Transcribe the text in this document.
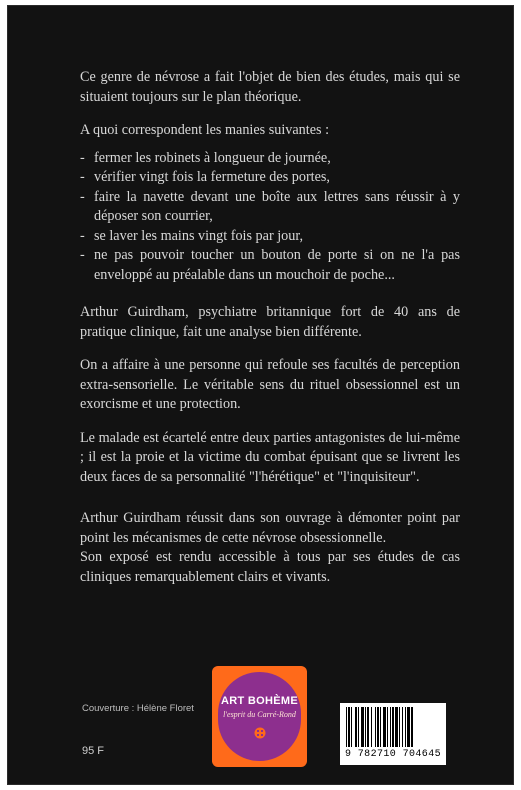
Ce genre de névrose a fait l'objet de bien des études, mais qui se situaient toujours sur le plan théorique.

A quoi correspondent les manies suivantes :

- fermer les robinets à longueur de journée,
- vérifier vingt fois la fermeture des portes,
- faire la navette devant une boîte aux lettres sans réussir à y déposer son courrier,
- se laver les mains vingt fois par jour,
- ne pas pouvoir toucher un bouton de porte si on ne l'a pas enveloppé au préalable dans un mouchoir de poche...

Arthur Guirdham, psychiatre britannique fort de 40 ans de pratique clinique, fait une analyse bien différente.

On a affaire à une personne qui refoule ses facultés de perception extra-sensorielle. Le véritable sens du rituel obsessionnel est un exorcisme et une protection.

Le malade est écartelé entre deux parties antagonistes de lui-même ; il est la proie et la victime du combat épuisant que se livrent les deux faces de sa personnalité "l'hérétique" et "l'inquisiteur".

Arthur Guirdham réussit dans son ouvrage à démonter point par point les mécanismes de cette névrose obsessionnelle.

Son exposé est rendu accessible à tous par ses études de cas cliniques remarquablement clairs et vivants.

Couverture : Hélène Floret
95 F
ART BOHÈME
l'esprit du Carré-Rond
9 782710 704645
